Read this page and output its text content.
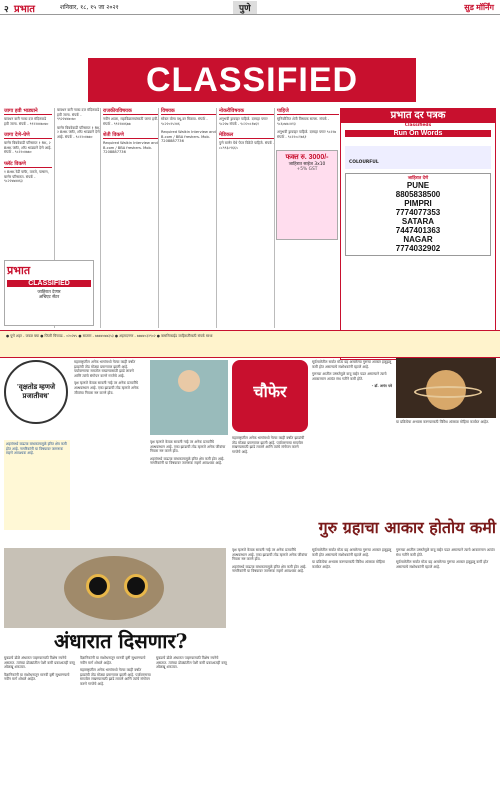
२ प्रभात	शनिवार, १८, १५ जा २०२१	पुणे	सुड मॉर्निंग
CLASSIFIED
जागा हवी भाड्याने
बावधन वारी नाका दत्त मंदिराकडे हवी जागा. संपर्क - ९९२२४४७०७०
जागा देणे-घेणे
बाणेर बिबवेवाडी परिसरात १ RK, २ BHK फ्लॅट, शॉप भाड्याने देणे आहे. संपर्क - ९८२२०४७७०
फ्लॅट विकणे
१ BHK रेडी फ्लॅट, वारजे, पाषाण, बाणेर परिसरात. संपर्क - ९८२२४७४४६३
बावधन वारी नाका दत्त मंदिराकडे हवी जागा. संपर्क - ९९२२४४७०७०
बाणेर बिबवेवाडी परिसरात १ RK, २ BHK फ्लॅट, शॉप भाड्याने देणे आहे. संपर्क - ९८२२०४७७०
राजकीयविषयक
नवीन शाळा, महाविद्यालयांसाठी जागा हवी. संपर्क - ९९२२४४६७७
शेती विकणे
Required Walkin Interview and B.com / BBA freshers. Mob. 7208887736
विषयक
सोबत योग्य वधू-वर मिळवा. संपर्क - ९८२२०२५२४६
Required Walkin Interview and B.com / BBA freshers. Mob. 7208887736
नोकरीविषयक
अनुभवी ड्रायव्हर पाहिजे. दरमहा पगार ९८२२७ संपर्क - ९८२२०८१७६१
मेडिकल
पुणे बाणेर येथे पेपर विक्रेते पाहिजे. संपर्क - ८८९९३८९६६५
पाहिजे
सुनियोजित शेती विषयक सल्ला. संपर्क - ९८६०७४८४१३
अनुभवी ड्रायव्हर पाहिजे. दरमहा पगार ९८२२७ संपर्क - ९८२२०८१७६१
प्रभात
CLASSIFIED
जाहिरात देणार
अचिएट सेंटर
फक्त रु. 3000/-
जाहिरात साईज 3x10
+5% GST
प्रभात दर पत्रक
Classifieds
Run On Words

COLOURFUL
जाहिरात देणे
PUNE
8805838500
PIMPRI
7774077353
SATARA
7447401363
NAGAR
7774032902
● पुणे शहर - जवळ बघा ● पिंपरी चिंचवड - ०२०२४५ ● सातारा - ७७७४०७७३५३ ● अहमदनगर - ७७७४०३२९०२ ● क्लासिफाईड जाहिरातींसाठी संपर्क साधा
'वृक्षतोड म्हणजे प्रजातीवध'
शहरांमध्ये वाढत्या बांधकामामुळे हरित क्षेत्र कमी होत आहे. नागरिकांनी या विषयावर जागरूक राहणे आवश्यक आहे.

महाराष्ट्रातील अनेक भागांमध्ये गेल्या काही वर्षांत झाडांची तोड मोठ्या प्रमाणावर झाली आहे. पर्यावरणाचा समतोल राखण्यासाठी झाडे लावणे आणि त्यांचे संगोपन करणे गरजेचे आहे.

वृक्ष म्हणजे केवळ सावली नव्हे तर अनेक प्रजातींचे आश्रयस्थान आहे. एका झाडाची तोड म्हणजे अनेक जीवांचा निवारा नष्ट करणे होय.

वृक्ष म्हणजे केवळ सावली नव्हे तर अनेक प्रजातींचे आश्रयस्थान आहे. एका झाडाची तोड म्हणजे अनेक जीवांचा निवारा नष्ट करणे होय.

शहरांमध्ये वाढत्या बांधकामामुळे हरित क्षेत्र कमी होत आहे. नागरिकांनी या विषयावर जागरूक राहणे आवश्यक आहे.

चौफेर

महाराष्ट्रातील अनेक भागांमध्ये गेल्या काही वर्षांत झाडांची तोड मोठ्या प्रमाणावर झाली आहे. पर्यावरणाचा समतोल राखण्यासाठी झाडे लावणे आणि त्यांचे संगोपन करणे गरजेचे आहे.

सूर्यमालेतील सर्वात मोठा ग्रह असलेल्या गुरूचा आकार हळूहळू कमी होत असल्याचे संशोधकांनी म्हटले आहे.

गुरूच्या आतील उष्णतेमुळे वायू बाहेर पडत असल्याने त्याचे आकारमान अत्यंत संथ गतीने कमी होते.

- डॉ. अनंत पत्रे

गुरु ग्रहाचा आकार होतोय कमी

या प्रक्रियेचा अभ्यास करण्यासाठी विविध अंतराळ मोहिमा कार्यरत आहेत.

अंधारात दिसणार?

घुबडाचे डोळे अंधारात पाहण्यासाठी विशेष रचनेचे असतात. त्यांच्या डोळ्यांतील पेशी कमी प्रकाशातही वस्तू ओळखू शकतात.

वैज्ञानिकांनी या संशोधनातून मानवी दृष्टी सुधारण्याचे नवीन मार्ग शोधले आहेत.

वैज्ञानिकांनी या संशोधनातून मानवी दृष्टी सुधारण्याचे नवीन मार्ग शोधले आहेत.

महाराष्ट्रातील अनेक भागांमध्ये गेल्या काही वर्षांत झाडांची तोड मोठ्या प्रमाणावर झाली आहे. पर्यावरणाचा समतोल राखण्यासाठी झाडे लावणे आणि त्यांचे संगोपन करणे गरजेचे आहे.

घुबडाचे डोळे अंधारात पाहण्यासाठी विशेष रचनेचे असतात. त्यांच्या डोळ्यांतील पेशी कमी प्रकाशातही वस्तू ओळखू शकतात.

वृक्ष म्हणजे केवळ सावली नव्हे तर अनेक प्रजातींचे आश्रयस्थान आहे. एका झाडाची तोड म्हणजे अनेक जीवांचा निवारा नष्ट करणे होय.

शहरांमध्ये वाढत्या बांधकामामुळे हरित क्षेत्र कमी होत आहे. नागरिकांनी या विषयावर जागरूक राहणे आवश्यक आहे.

सूर्यमालेतील सर्वात मोठा ग्रह असलेल्या गुरूचा आकार हळूहळू कमी होत असल्याचे संशोधकांनी म्हटले आहे.

या प्रक्रियेचा अभ्यास करण्यासाठी विविध अंतराळ मोहिमा कार्यरत आहेत.

गुरूच्या आतील उष्णतेमुळे वायू बाहेर पडत असल्याने त्याचे आकारमान अत्यंत संथ गतीने कमी होते.

सूर्यमालेतील सर्वात मोठा ग्रह असलेल्या गुरूचा आकार हळूहळू कमी होत असल्याचे संशोधकांनी म्हटले आहे.
